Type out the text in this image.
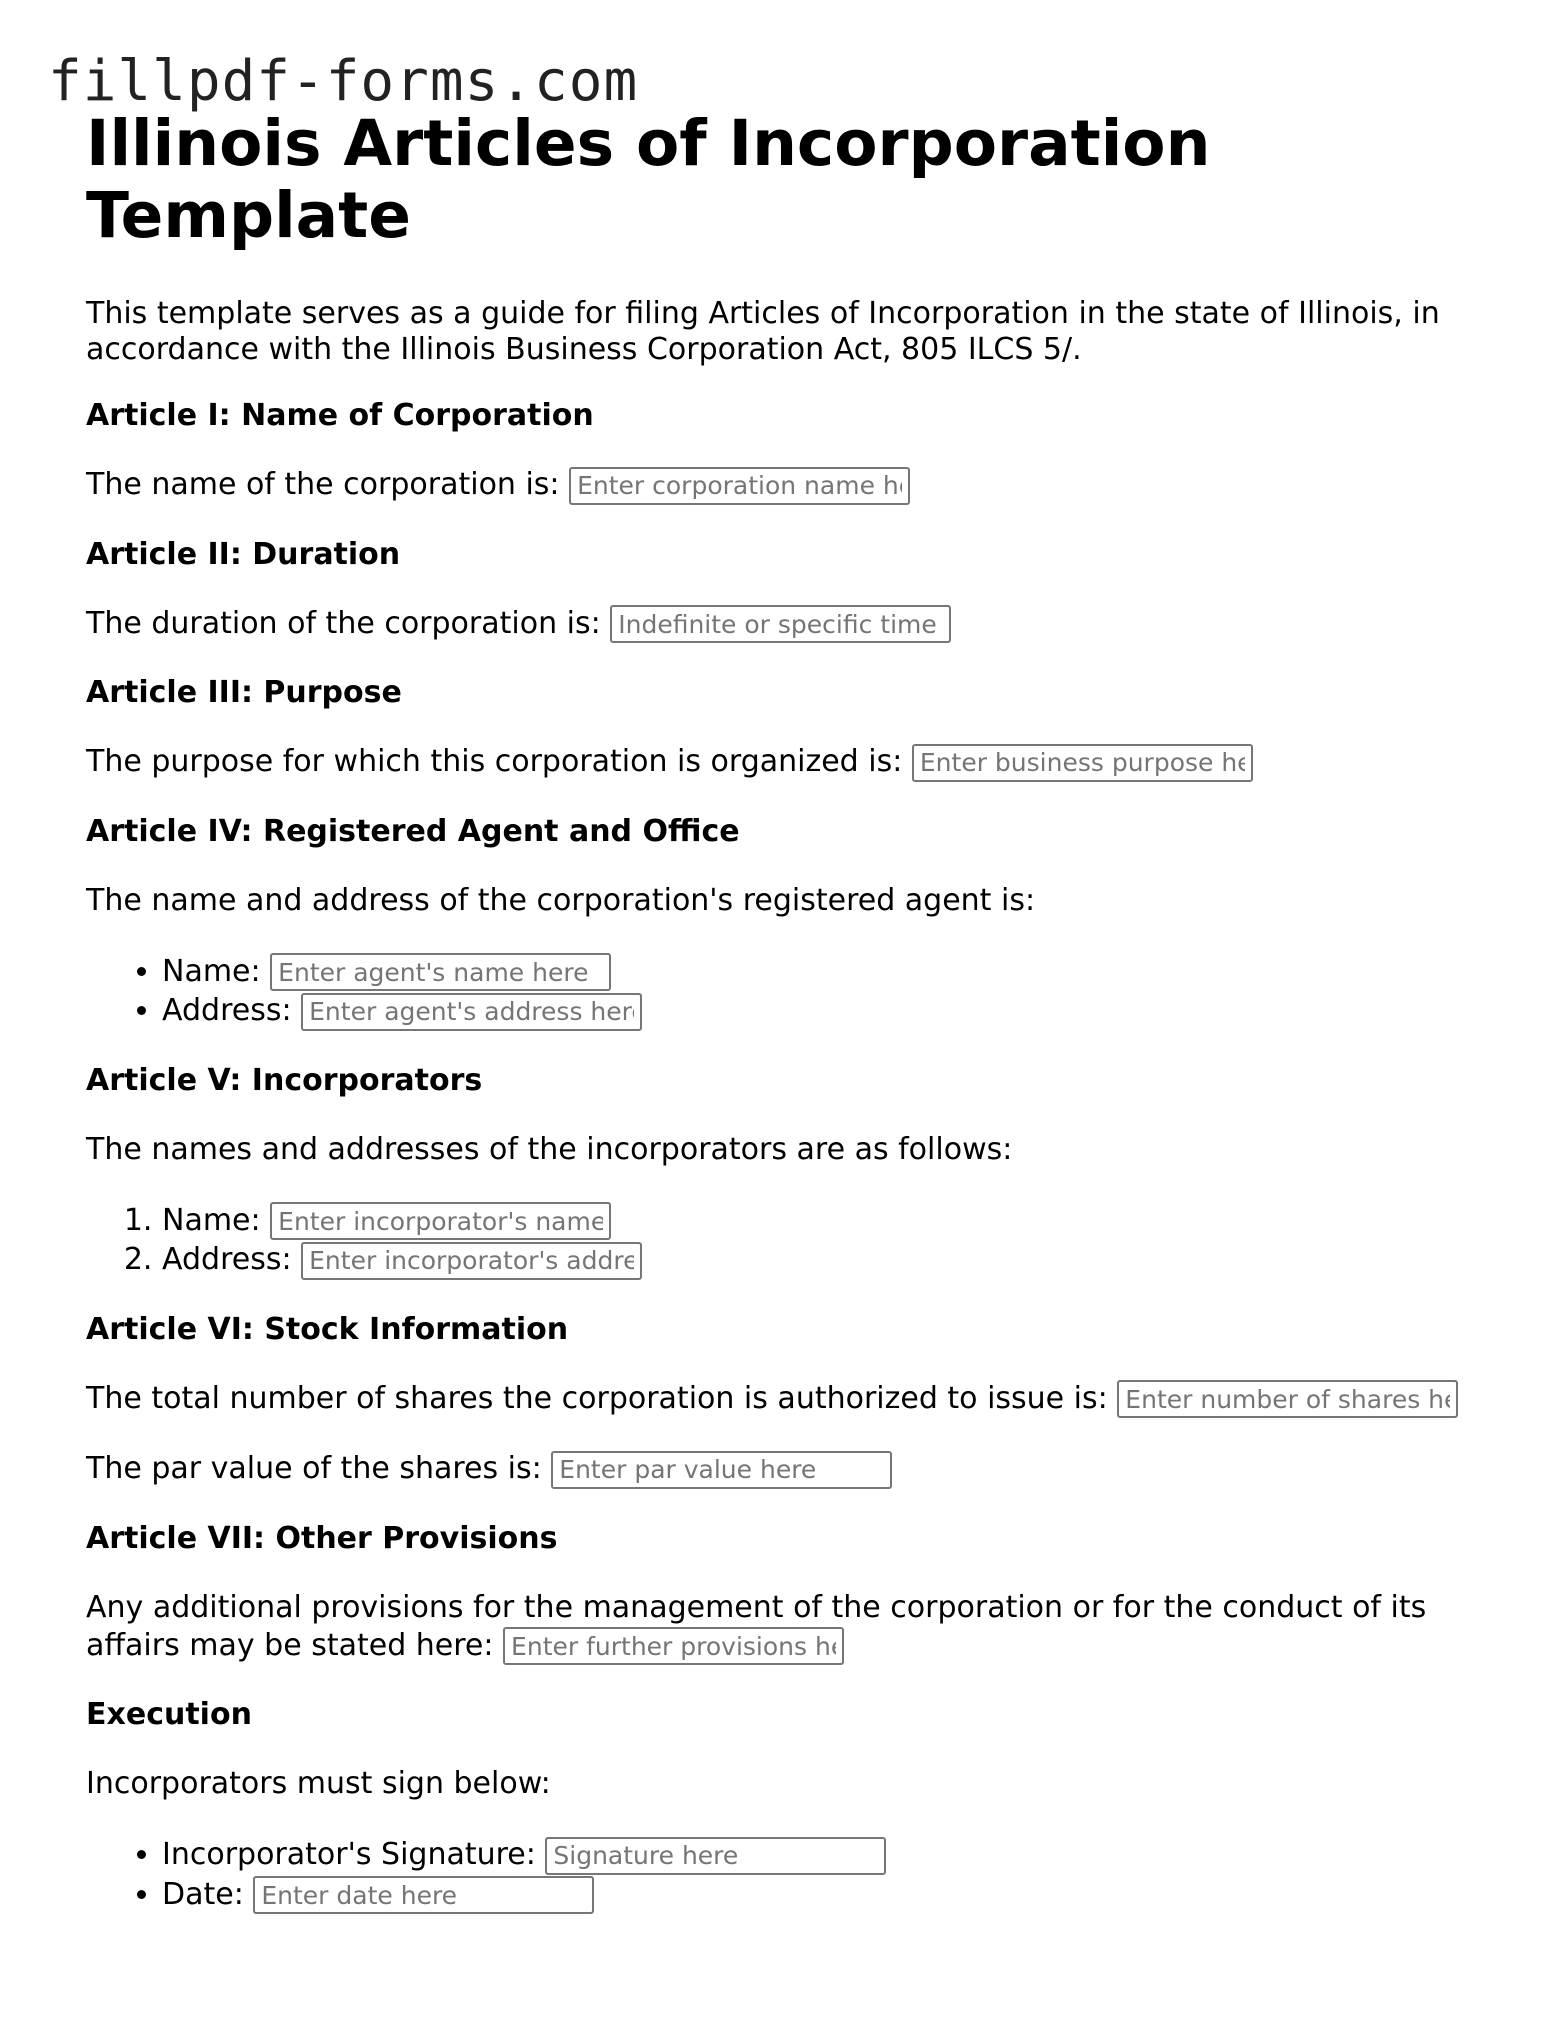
fillpdf-forms.com
Illinois Articles of Incorporation Template

This template serves as a guide for filing Articles of Incorporation in the state of Illinois, in accordance with the Illinois Business Corporation Act, 805 ILCS 5/.

Article I: Name of Corporation
The name of the corporation is: Enter corporation name here
Article II: Duration
The duration of the corporation is: Indefinite or specific time
Article III: Purpose
The purpose for which this corporation is organized is: Enter business purpose here
Article IV: Registered Agent and Office
The name and address of the corporation's registered agent is:
• Name: Enter agent's name here
• Address: Enter agent's address here
Article V: Incorporators
The names and addresses of the incorporators are as follows:
1. Name: Enter incorporator's name
2. Address: Enter incorporator's address
Article VI: Stock Information
The total number of shares the corporation is authorized to issue is: Enter number of shares here
The par value of the shares is: Enter par value here
Article VII: Other Provisions
Any additional provisions for the management of the corporation or for the conduct of its affairs may be stated here: Enter further provisions here
Execution
Incorporators must sign below:
• Incorporator's Signature: Signature here
• Date: Enter date here
